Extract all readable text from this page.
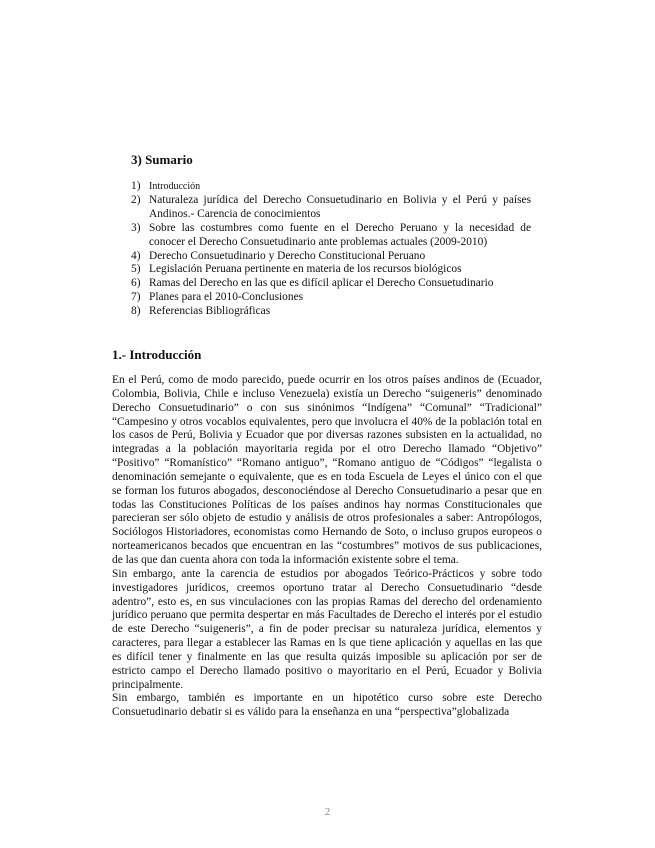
3) Sumario
1) Introducción
2) Naturaleza jurídica del Derecho Consuetudinario en Bolivia y el Perú y países Andinos.- Carencia de conocimientos
3) Sobre las costumbres como fuente en el Derecho Peruano y la necesidad de conocer el Derecho Consuetudinario ante problemas actuales (2009-2010)
4) Derecho Consuetudinario y Derecho Constitucional Peruano
5) Legislación Peruana pertinente en materia de los recursos biológicos
6) Ramas del Derecho en las que es difícil aplicar el Derecho Consuetudinario
7) Planes para el 2010-Conclusiones
8) Referencias Bibliográficas
1.- Introducción

En el Perú, como de modo parecido, puede ocurrir en los otros países andinos de (Ecuador, Colombia, Bolivia, Chile e incluso Venezuela) existía un Derecho “suigeneris” denominado Derecho Consuetudinario” o con sus sinónimos “Indígena” “Comunal” “Tradicional” “Campesino y otros vocablos equivalentes, pero que involucra el 40% de la población total en los casos de Perú, Bolivia y Ecuador que por diversas razones subsisten en la actualidad, no integradas a la población mayoritaria regida por el otro Derecho llamado “Objetivo” “Positivo” “Romanístico” “Romano antiguo”, “Romano antiguo de “Códigos” “legalista o denominación semejante o equivalente, que es en toda Escuela de Leyes el único con el que se forman los futuros abogados, desconociéndose al Derecho Consuetudinario a pesar que en todas las Constituciones Políticas de los países andinos hay normas Constitucionales que parecieran ser sólo objeto de estudio y análisis de otros profesionales a saber: Antropólogos, Sociólogos Historiadores, economistas como Hernando de Soto, o incluso grupos europeos o norteamericanos becados que encuentran en las “costumbres” motivos de sus publicaciones, de las que dan cuenta ahora con toda la información existente sobre el tema.

Sin embargo, ante la carencia de estudios por abogados Teórico-Prácticos y sobre todo investigadores jurídicos, creemos oportuno tratar al Derecho Consuetudinario “desde adentro”, esto es, en sus vinculaciones con las propias Ramas del derecho del ordenamiento jurídico peruano que permita despertar en más Facultades de Derecho el interés por el estudio de este Derecho “suigeneris”, a fin de poder precisar su naturaleza jurídica, elementos y caracteres, para llegar a establecer las Ramas en ls que tiene aplicación y aquellas en las que es difícil tener y finalmente en las que resulta quizás imposible su aplicación por ser de estricto campo el Derecho llamado positivo o mayoritario en el Perú, Ecuador y Bolivia principalmente.

Sin embargo, también es importante en un hipotético curso sobre este Derecho Consuetudinario debatir si es válido para la enseñanza en una “perspectiva”globalizada

2
